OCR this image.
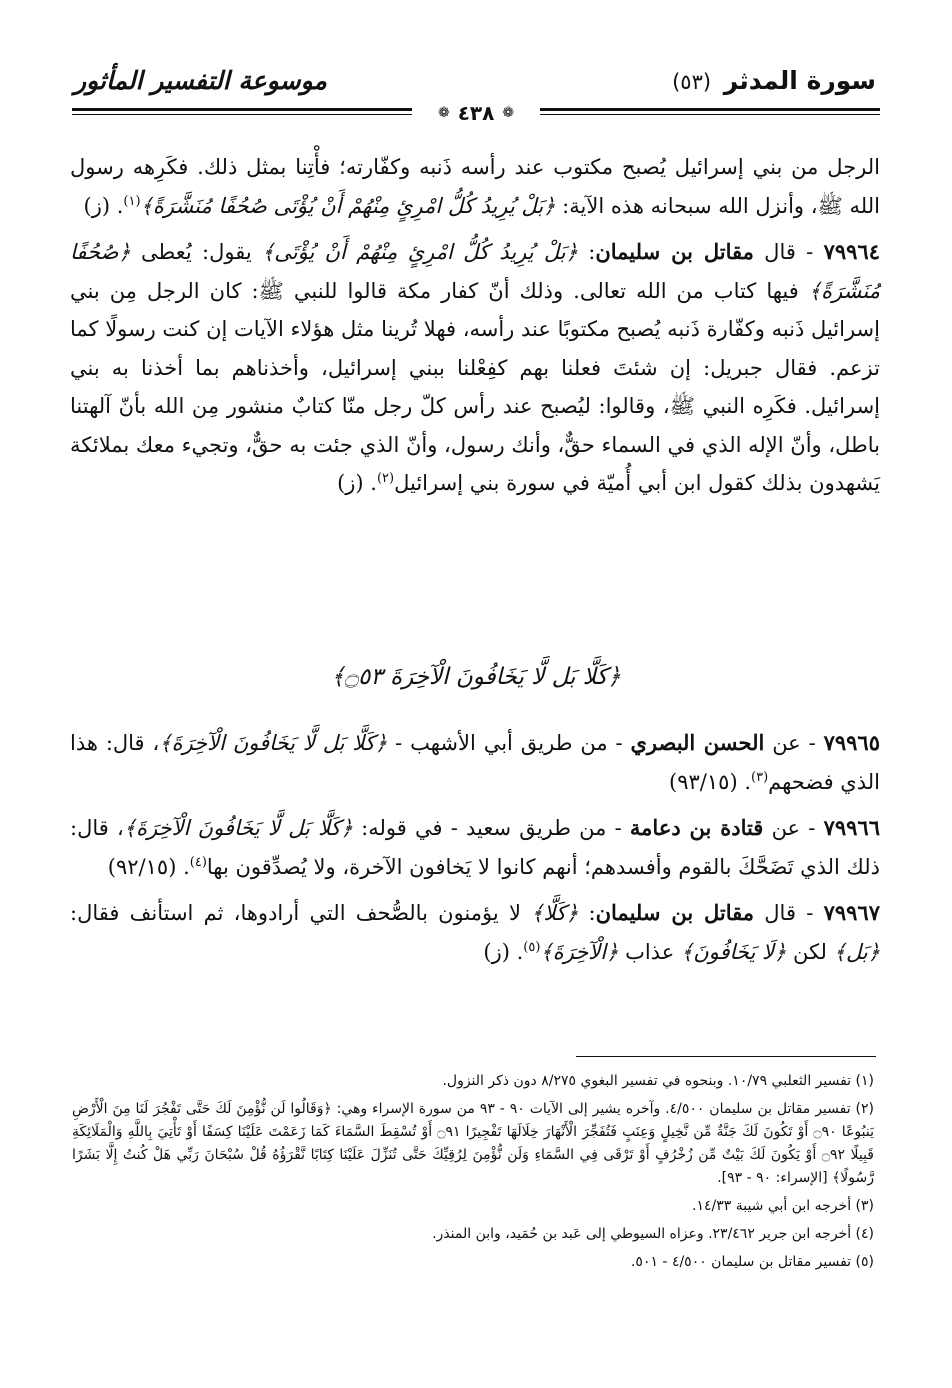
سورة المدثر (٥٣)
موسوعة التفسير المأثور
❁ ٤٣٨ ❁

الرجل من بني إسرائيل يُصبح مكتوب عند رأسه ذَنبه وكفّارته؛ فأْتِنا بمثل ذلك. فكَرِهه رسول الله ﷺ، وأنزل الله سبحانه هذه الآية: ﴿بَلْ يُرِيدُ كُلُّ امْرِئٍ مِنْهُمْ أَنْ يُؤْتَى صُحُفًا مُنَشَّرَةً﴾$^{(١)}$. (ز)

٧٩٩٦٤ - قال مقاتل بن سليمان: ﴿بَلْ يُرِيدُ كُلُّ امْرِئٍ مِنْهُمْ أَنْ يُؤْتَى﴾ يقول: يُعطى ﴿صُحُفًا مُنَشَّرَةً﴾ فيها كتاب من الله تعالى. وذلك أنّ كفار مكة قالوا للنبي ﷺ: كان الرجل مِن بني إسرائيل ذَنبه وكفّارة ذَنبه يُصبح مكتوبًا عند رأسه، فهلا تُرينا مثل هؤلاء الآيات إن كنت رسولًا كما تزعم. فقال جبريل: إن شئتَ فعلنا بهم كفِعْلنا ببني إسرائيل، وأخذناهم بما أخذنا به بني إسرائيل. فكَرِه النبي ﷺ، وقالوا: ليُصبح عند رأس كلّ رجل منّا كتابٌ منشور مِن الله بأنّ آلهتنا باطل، وأنّ الإله الذي في السماء حقٌّ، وأنك رسول، وأنّ الذي جئت به حقٌّ، وتجيء معك بملائكة يَشهدون بذلك كقول ابن أبي أُميّة في سورة بني إسرائيل$^{(٢)}$. (ز)

﴿كَلَّا بَل لَّا يَخَافُونَ الْآخِرَةَ ۝٥٣﴾

٧٩٩٦٥ - عن الحسن البصري - من طريق أبي الأشهب - ﴿كَلَّا بَل لَّا يَخَافُونَ الْآخِرَةَ﴾، قال: هذا الذي فضحهم$^{(٣)}$. (٩٣/١٥)

٧٩٩٦٦ - عن قتادة بن دعامة - من طريق سعيد - في قوله: ﴿كَلَّا بَل لَّا يَخَافُونَ الْآخِرَةَ﴾، قال: ذلك الذي تَضَحَّكَ بالقوم وأفسدهم؛ أنهم كانوا لا يَخافون الآخرة، ولا يُصدِّقون بها$^{(٤)}$. (٩٢/١٥)

٧٩٩٦٧ - قال مقاتل بن سليمان: ﴿كَلَّا﴾ لا يؤمنون بالصُّحف التي أرادوها، ثم استأنف فقال: ﴿بَل﴾ لكن ﴿لَا يَخَافُونَ﴾ عذاب ﴿الْآخِرَةَ﴾$^{(٥)}$. (ز)

(١) تفسير الثعلبي ١٠/٧٩. وبنحوه في تفسير البغوي ٨/٢٧٥ دون ذكر النزول.

(٢) تفسير مقاتل بن سليمان ٤/٥٠٠. وآخره يشير إلى الآيات ٩٠ - ٩٣ من سورة الإسراء وهي: ﴿وَقَالُوا لَن نُّؤْمِنَ لَكَ حَتَّى تَفْجُرَ لَنَا مِنَ الْأَرْضِ يَنبُوعًا ۝٩٠ أَوْ تَكُونَ لَكَ جَنَّةٌ مِّن نَّخِيلٍ وَعِنَبٍ فَتُفَجِّرَ الْأَنْهَارَ خِلَالَهَا تَفْجِيرًا ۝٩١ أَوْ تُسْقِطَ السَّمَاءَ كَمَا زَعَمْتَ عَلَيْنَا كِسَفًا أَوْ تَأْتِيَ بِاللَّهِ وَالْمَلَائِكَةِ قَبِيلًا ۝٩٢ أَوْ يَكُونَ لَكَ بَيْتٌ مِّن زُخْرُفٍ أَوْ تَرْقَى فِي السَّمَاءِ وَلَن نُّؤْمِنَ لِرُقِيِّكَ حَتَّى تُنَزِّلَ عَلَيْنَا كِتَابًا نَّقْرَؤُهُ قُلْ سُبْحَانَ رَبِّي هَلْ كُنتُ إِلَّا بَشَرًا رَّسُولًا﴾ [الإسراء: ٩٠ - ٩٣].

(٣) أخرجه ابن أبي شيبة ١٤/٣٣.

(٤) أخرجه ابن جرير ٢٣/٤٦٢. وعزاه السيوطي إلى عَبد بن حُمَيد، وابن المنذر.

(٥) تفسير مقاتل بن سليمان ٤/٥٠٠ - ٥٠١.
